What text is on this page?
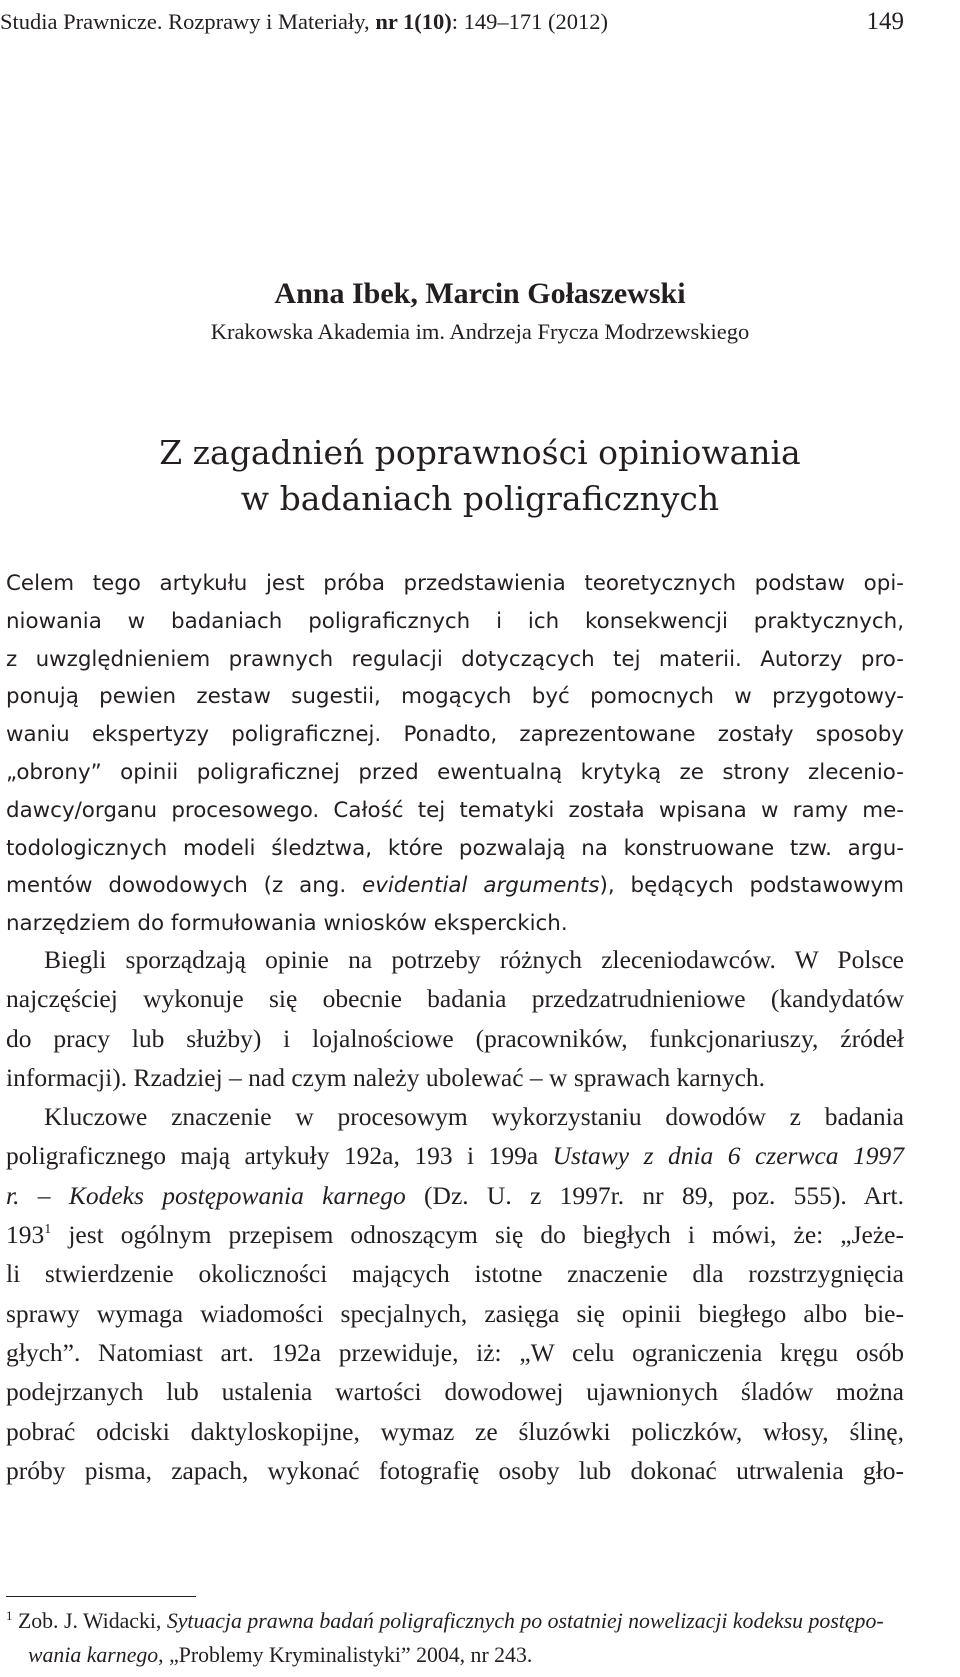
Studia Prawnicze. Rozprawy i Materiały, nr 1(10): 149–171 (2012)	149
Anna Ibek, Marcin Gołaszewski

Krakowska Akademia im. Andrzeja Frycza Modrzewskiego

Z zagadnień poprawności opiniowania
w badaniach poligraficznych
Celem tego artykułu jest próba przedstawienia teoretycznych podstaw opi-
niowania w badaniach poligraficznych i ich konsekwencji praktycznych,
z uwzględnieniem prawnych regulacji dotyczących tej materii. Autorzy pro-
ponują pewien zestaw sugestii, mogących być pomocnych w przygotowy-
waniu ekspertyzy poligraficznej. Ponadto, zaprezentowane zostały sposoby
„obrony” opinii poligraficznej przed ewentualną krytyką ze strony zlecenio-
dawcy/organu procesowego. Całość tej tematyki została wpisana w ramy me-
todologicznych modeli śledztwa, które pozwalają na konstruowane tzw. argu-
mentów dowodowych (z ang. evidential arguments), będących podstawowym
narzędziem do formułowania wniosków eksperckich.
Biegli sporządzają opinie na potrzeby różnych zleceniodawców. W Polsce
najczęściej wykonuje się obecnie badania przedzatrudnieniowe (kandydatów
do pracy lub służby) i lojalnościowe (pracowników, funkcjonariuszy, źródeł
informacji). Rzadziej – nad czym należy ubolewać – w sprawach karnych.
Kluczowe znaczenie w procesowym wykorzystaniu dowodów z badania
poligraficznego mają artykuły 192a, 193 i 199a Ustawy z dnia 6 czerwca 1997
r. – Kodeks postępowania karnego (Dz. U. z 1997r. nr 89, poz. 555). Art.
$193^1$ jest ogólnym przepisem odnoszącym się do biegłych i mówi, że: „Jeże-
li stwierdzenie okoliczności mających istotne znaczenie dla rozstrzygnięcia
sprawy wymaga wiadomości specjalnych, zasięga się opinii biegłego albo bie-
głych”. Natomiast art. 192a przewiduje, iż: „W celu ograniczenia kręgu osób
podejrzanych lub ustalenia wartości dowodowej ujawnionych śladów można
pobrać odciski daktyloskopijne, wymaz ze śluzówki policzków, włosy, ślinę,
próby pisma, zapach, wykonać fotografię osoby lub dokonać utrwalenia gło-
$^1$ Zob. J. Widacki, Sytuacja prawna badań poligraficznych po ostatniej nowelizacji kodeksu postępo-
wania karnego, „Problemy Kryminalistyki” 2004, nr 243.
